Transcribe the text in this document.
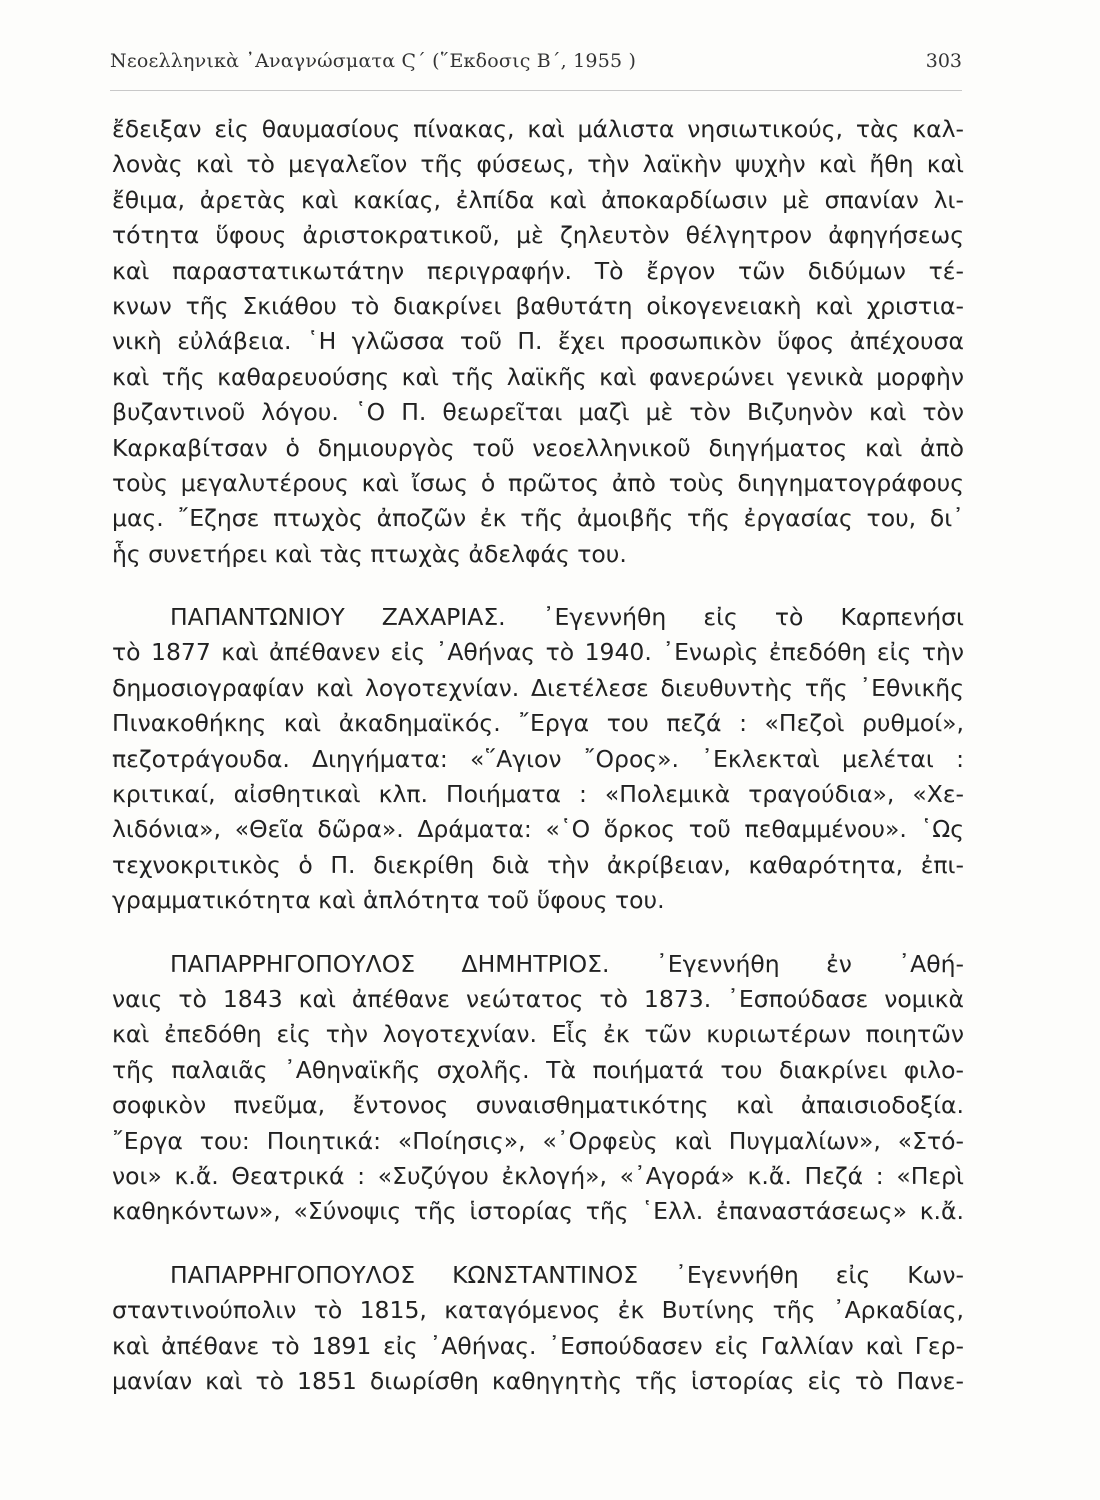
Νεοελληνικὰ ᾿Αναγνώσματα Ϛ΄ (῞Εκδοσις Β΄, 1955 )	303
ἔδειξαν εἰς θαυμασίους πίνακας, καὶ μάλιστα νησιωτικούς, τὰς καλ-
λονὰς καὶ τὸ μεγαλεῖον τῆς φύσεως, τὴν λαϊκὴν ψυχὴν καὶ ἤθη καὶ
ἔθιμα, ἀρετὰς καὶ κακίας, ἐλπίδα καὶ ἀποκαρδίωσιν μὲ σπανίαν λι-
τότητα ὕφους ἀριστοκρατικοῦ, μὲ ζηλευτὸν θέλγητρον ἀφηγήσεως
καὶ παραστατικωτάτην περιγραφήν. Τὸ ἔργον τῶν διδύμων τέ-
κνων τῆς Σκιάθου τὸ διακρίνει βαθυτάτη οἰκογενειακὴ καὶ χριστια-
νικὴ εὐλάβεια. ῾Η γλῶσσα τοῦ Π. ἔχει προσωπικὸν ὕφος ἀπέχουσα
καὶ τῆς καθαρευούσης καὶ τῆς λαϊκῆς καὶ φανερώνει γενικὰ μορφὴν
βυζαντινοῦ λόγου. ῾Ο Π. θεωρεῖται μαζὶ μὲ τὸν Βιζυηνὸν καὶ τὸν
Καρκαβίτσαν ὁ δημιουργὸς τοῦ νεοελληνικοῦ διηγήματος καὶ ἀπὸ
τοὺς μεγαλυτέρους καὶ ἴσως ὁ πρῶτος ἀπὸ τοὺς διηγηματογράφους
μας. ῎Εζησε πτωχὸς ἀποζῶν ἐκ τῆς ἀμοιβῆς τῆς ἐργασίας του, δι᾿
ἧς συνετήρει καὶ τὰς πτωχὰς ἀδελφάς του.
ΠΑΠΑΝΤΩΝΙΟΥ ΖΑΧΑΡΙΑΣ. ᾿Εγεννήθη εἰς τὸ Καρπενήσι
τὸ 1877 καὶ ἀπέθανεν εἰς ᾿Αθήνας τὸ 1940. ᾿Ενωρὶς ἐπεδόθη εἰς τὴν
δημοσιογραφίαν καὶ λογοτεχνίαν. Διετέλεσε διευθυντὴς τῆς ᾿Εθνικῆς
Πινακοθήκης καὶ ἀκαδημαϊκός. ῎Εργα του πεζά : «Πεζοὶ ρυθμοί»,
πεζοτράγουδα. Διηγήματα: «῞Αγιον ῎Ορος». ᾿Εκλεκταὶ μελέται :
κριτικαί, αἰσθητικαὶ κλπ. Ποιήματα : «Πολεμικὰ τραγούδια», «Χε-
λιδόνια», «Θεῖα δῶρα». Δράματα: «῾Ο ὅρκος τοῦ πεθαμμένου». ῾Ως
τεχνοκριτικὸς ὁ Π. διεκρίθη διὰ τὴν ἀκρίβειαν, καθαρότητα, ἐπι-
γραμματικότητα καὶ ἁπλότητα τοῦ ὕφους του.
ΠΑΠΑΡΡΗΓΟΠΟΥΛΟΣ ΔΗΜΗΤΡΙΟΣ. ᾿Εγεννήθη ἐν ᾿Αθή-
ναις τὸ 1843 καὶ ἀπέθανε νεώτατος τὸ 1873. ᾿Εσπούδασε νομικὰ
καὶ ἐπεδόθη εἰς τὴν λογοτεχνίαν. Εἷς ἐκ τῶν κυριωτέρων ποιητῶν
τῆς παλαιᾶς ᾿Αθηναϊκῆς σχολῆς. Τὰ ποιήματά του διακρίνει φιλο-
σοφικὸν πνεῦμα, ἔντονος συναισθηματικότης καὶ ἀπαισιοδοξία.
῎Εργα του: Ποιητικά: «Ποίησις», «᾿Ορφεὺς καὶ Πυγμαλίων», «Στό-
νοι» κ.ἄ. Θεατρικά : «Συζύγου ἐκλογή», «᾿Αγορά» κ.ἄ. Πεζά : «Περὶ
καθηκόντων», «Σύνοψις τῆς ἱστορίας τῆς ῾Ελλ. ἐπαναστάσεως» κ.ἄ.
ΠΑΠΑΡΡΗΓΟΠΟΥΛΟΣ ΚΩΝΣΤΑΝΤΙΝΟΣ ᾿Εγεννήθη εἰς Κων-
σταντινούπολιν τὸ 1815, καταγόμενος ἐκ Βυτίνης τῆς ᾿Αρκαδίας,
καὶ ἀπέθανε τὸ 1891 εἰς ᾿Αθήνας. ᾿Εσπούδασεν εἰς Γαλλίαν καὶ Γερ-
μανίαν καὶ τὸ 1851 διωρίσθη καθηγητὴς τῆς ἱστορίας εἰς τὸ Πανε-
